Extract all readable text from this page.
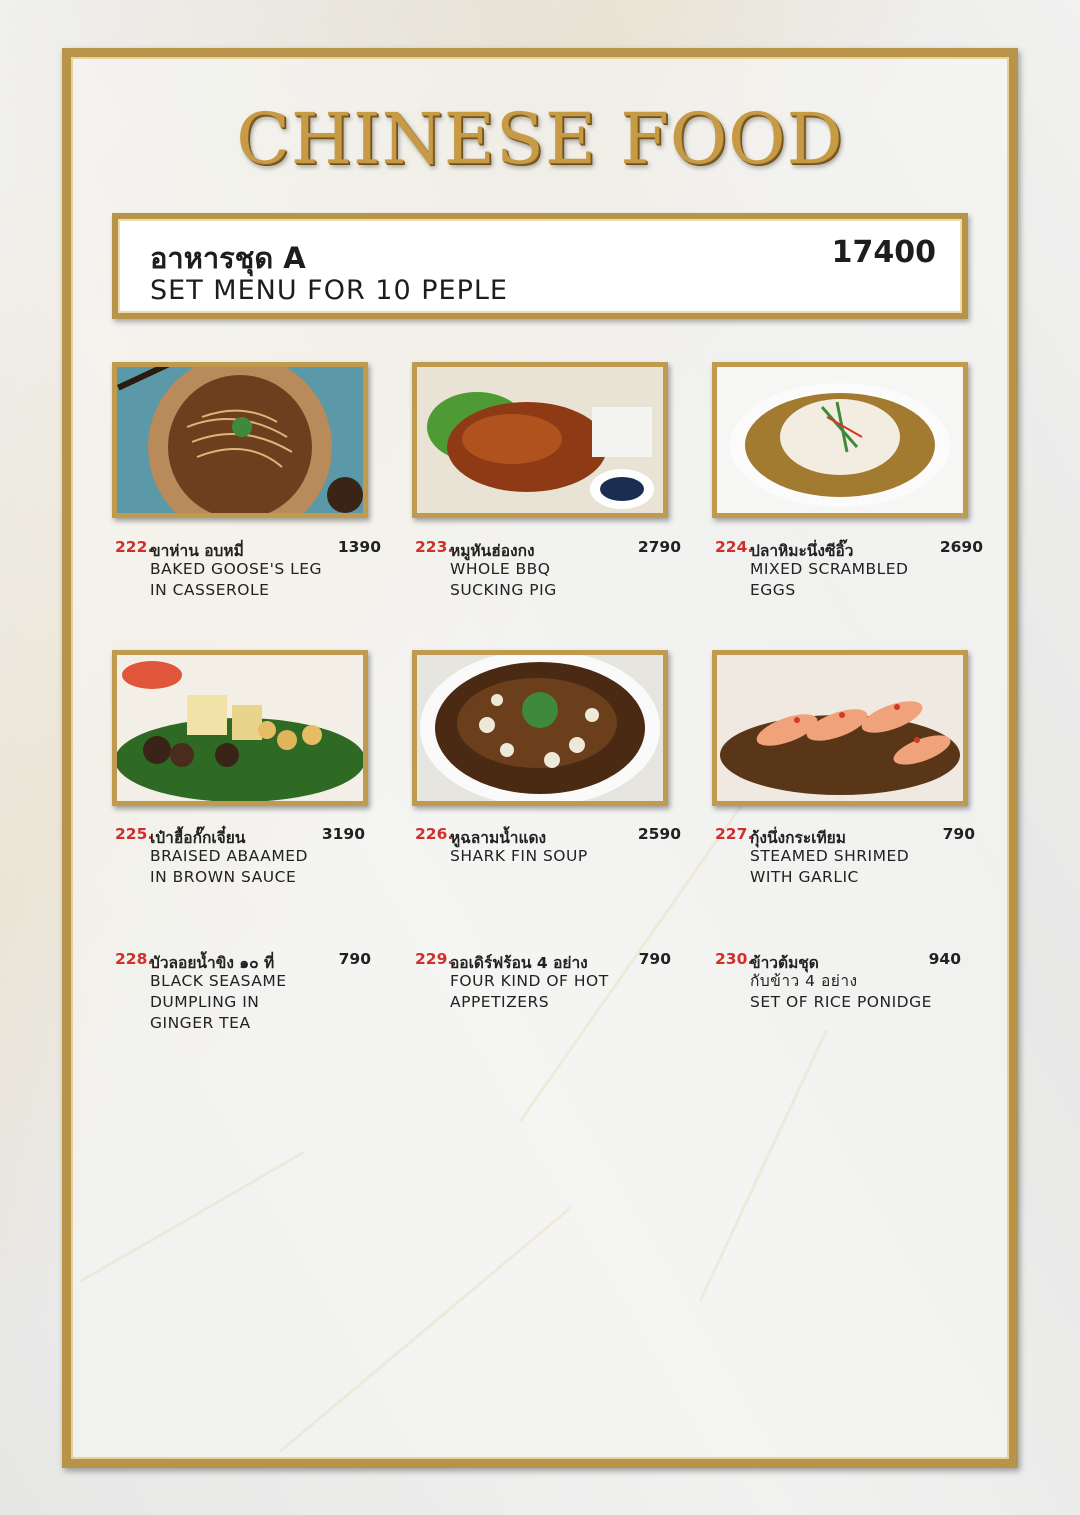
CHINESE FOOD
อาหารชุด A
SET MENU FOR 10 PEPLE
17400
222.
ขาห่าน อบหมี่	1390
BAKED GOOSE'S LEG
IN CASSEROLE
223.
หมูหันฮ่องกง	2790
WHOLE BBQ
SUCKING PIG
224.
ปลาหิมะนึ่งซีอิ๊ว	2690
MIXED SCRAMBLED
EGGS
225.
เป๋าฮื้อกั๊กเจี๋ยน	3190
BRAISED ABAAMED
IN BROWN SAUCE
226.
หูฉลามน้ำแดง	2590
SHARK FIN SOUP
227.
กุ้งนึ่งกระเทียม	790
STEAMED SHRIMED
WITH GARLIC
228.
บัวลอยน้ำขิง ๑๐ ที่	790
BLACK SEASAME
DUMPLING IN
GINGER TEA
229.
ออเดิร์ฟร้อน 4 อย่าง	790
FOUR KIND OF HOT
APPETIZERS
230.
ข้าวต้มชุด	940
กับข้าว 4 อย่าง
SET OF RICE PONIDGE
